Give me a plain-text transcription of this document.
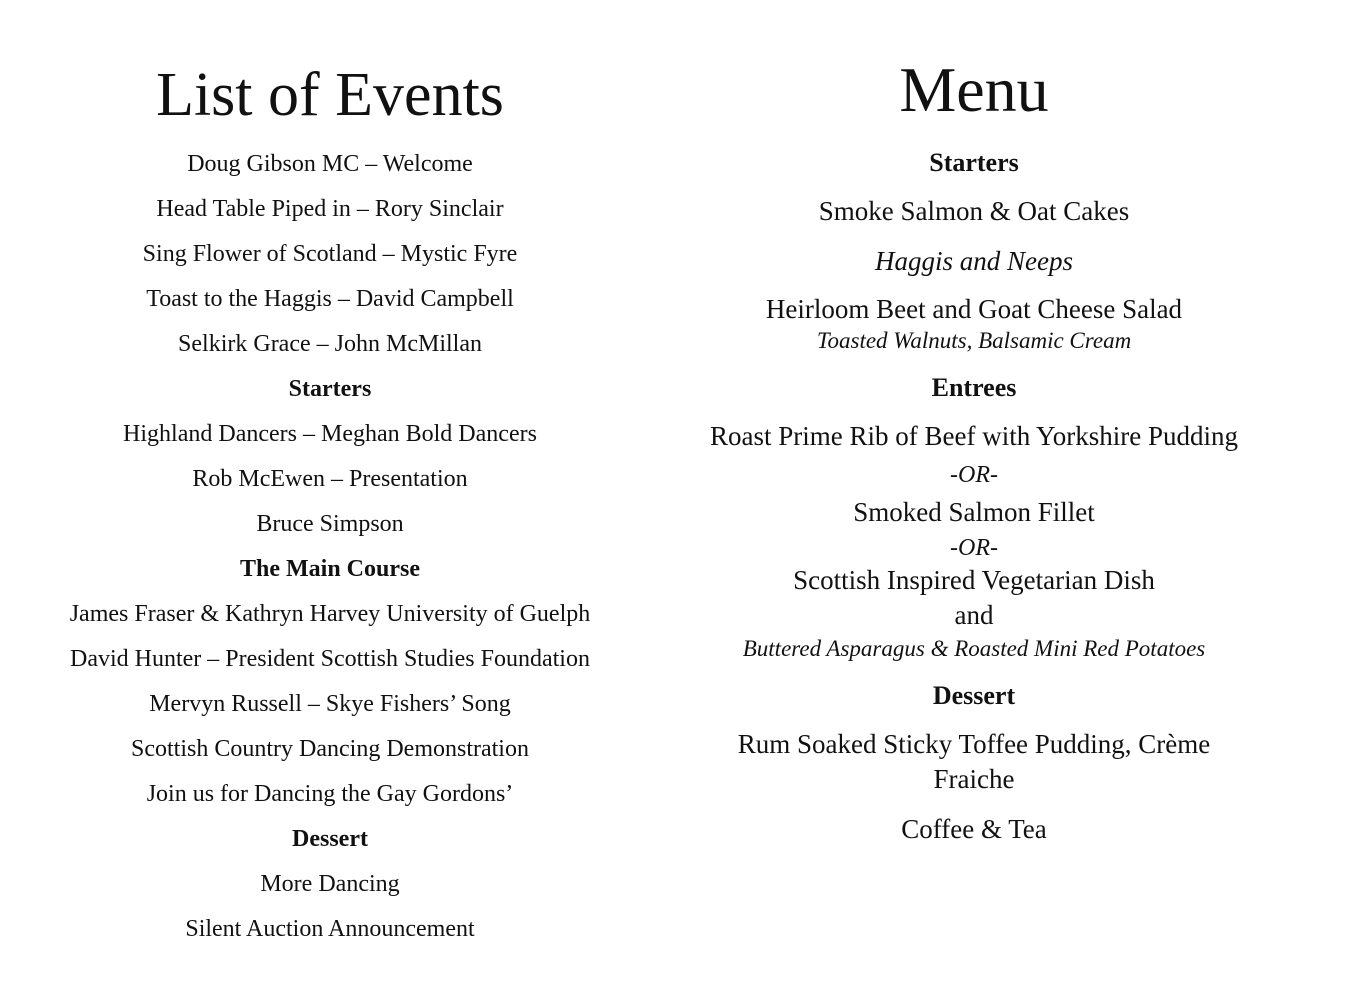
List of Events
Doug Gibson MC – Welcome
Head Table Piped in – Rory Sinclair
Sing Flower of Scotland – Mystic Fyre
Toast to the Haggis – David Campbell
Selkirk Grace – John McMillan
Starters
Highland Dancers – Meghan Bold Dancers
Rob McEwen – Presentation
Bruce Simpson
The Main Course
James Fraser & Kathryn Harvey University of Guelph
David Hunter – President Scottish Studies Foundation
Mervyn Russell – Skye Fishers’ Song
Scottish Country Dancing Demonstration
Join us for Dancing the Gay Gordons’
Dessert
More Dancing
Silent Auction Announcement
Menu
Starters
Smoke Salmon & Oat Cakes
Haggis and Neeps
Heirloom Beet and Goat Cheese Salad
Toasted Walnuts, Balsamic Cream
Entrees
Roast Prime Rib of Beef with Yorkshire Pudding
-OR-
Smoked Salmon Fillet
-OR-
Scottish Inspired Vegetarian Dish
and
Buttered Asparagus & Roasted Mini Red Potatoes
Dessert
Rum Soaked Sticky Toffee Pudding, Crème
Fraiche
Coffee & Tea
